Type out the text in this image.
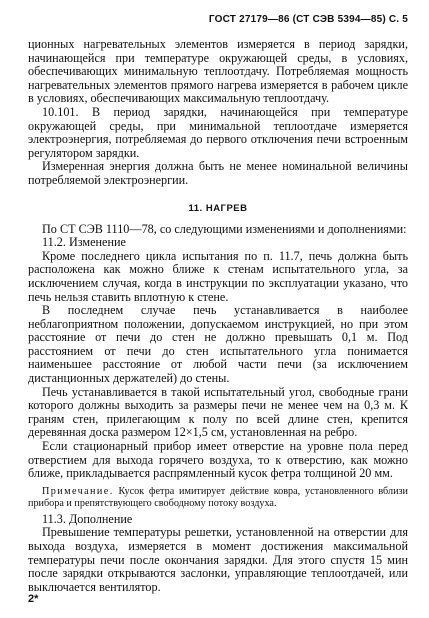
ГОСТ 27179—86 (СТ СЭВ 5394—85) С. 5

ционных нагревательных элементов измеряется в период зарядки, начинающейся при температуре окружающей среды, в условиях, обеспечивающих минимальную теплоотдачу. Потребляемая мощность нагревательных элементов прямого нагрева измеряется в рабочем цикле в условиях, обеспечивающих максимальную теплоотдачу.

10.101. В период зарядки, начинающейся при температуре окружающей среды, при минимальной теплоотдаче измеряется электроэнергия, потребляемая до первого отключения печи встроенным регулятором зарядки.

Измеренная энергия должна быть не менее номинальной величины потребляемой электроэнергии.

11. НАГРЕВ

По СТ СЭВ 1110—78, со следующими изменениями и дополнениями:

11.2. Изменение

Кроме последнего цикла испытания по п. 11.7, печь должна быть расположена как можно ближе к стенам испытательного угла, за исключением случая, когда в инструкции по эксплуатации указано, что печь нельзя ставить вплотную к стене.

В последнем случае печь устанавливается в наиболее неблагоприятном положении, допускаемом инструкцией, но при этом расстояние от печи до стен не должно превышать 0,1 м. Под расстоянием от печи до стен испытательного угла понимается наименьшее расстояние от любой части печи (за исключением дистанционных держателей) до стены.

Печь устанавливается в такой испытательный угол, свободные грани которого должны выходить за размеры печи не менее чем на 0,3 м. К граням стен, прилегающим к полу по всей длине стен, крепится деревянная доска размером 12×1,5 см, установленная на ребро.

Если стационарный прибор имеет отверстие на уровне пола перед отверстием для выхода горячего воздуха, то к отверстию, как можно ближе, прикладывается распрямленный кусок фетра толщиной 20 мм.

Примечание. Кусок фетра имитирует действие ковра, установленного вблизи прибора и препятствующего свободному потоку воздуха.
11.3. Дополнение

Превышение температуры решетки, установленной на отверстии для выхода воздуха, измеряется в момент достижения максимальной температуры печи после окончания зарядки. Для этого спустя 15 мин после зарядки открываются заслонки, управляющие теплоотдачей, или выключается вентилятор.

2*
